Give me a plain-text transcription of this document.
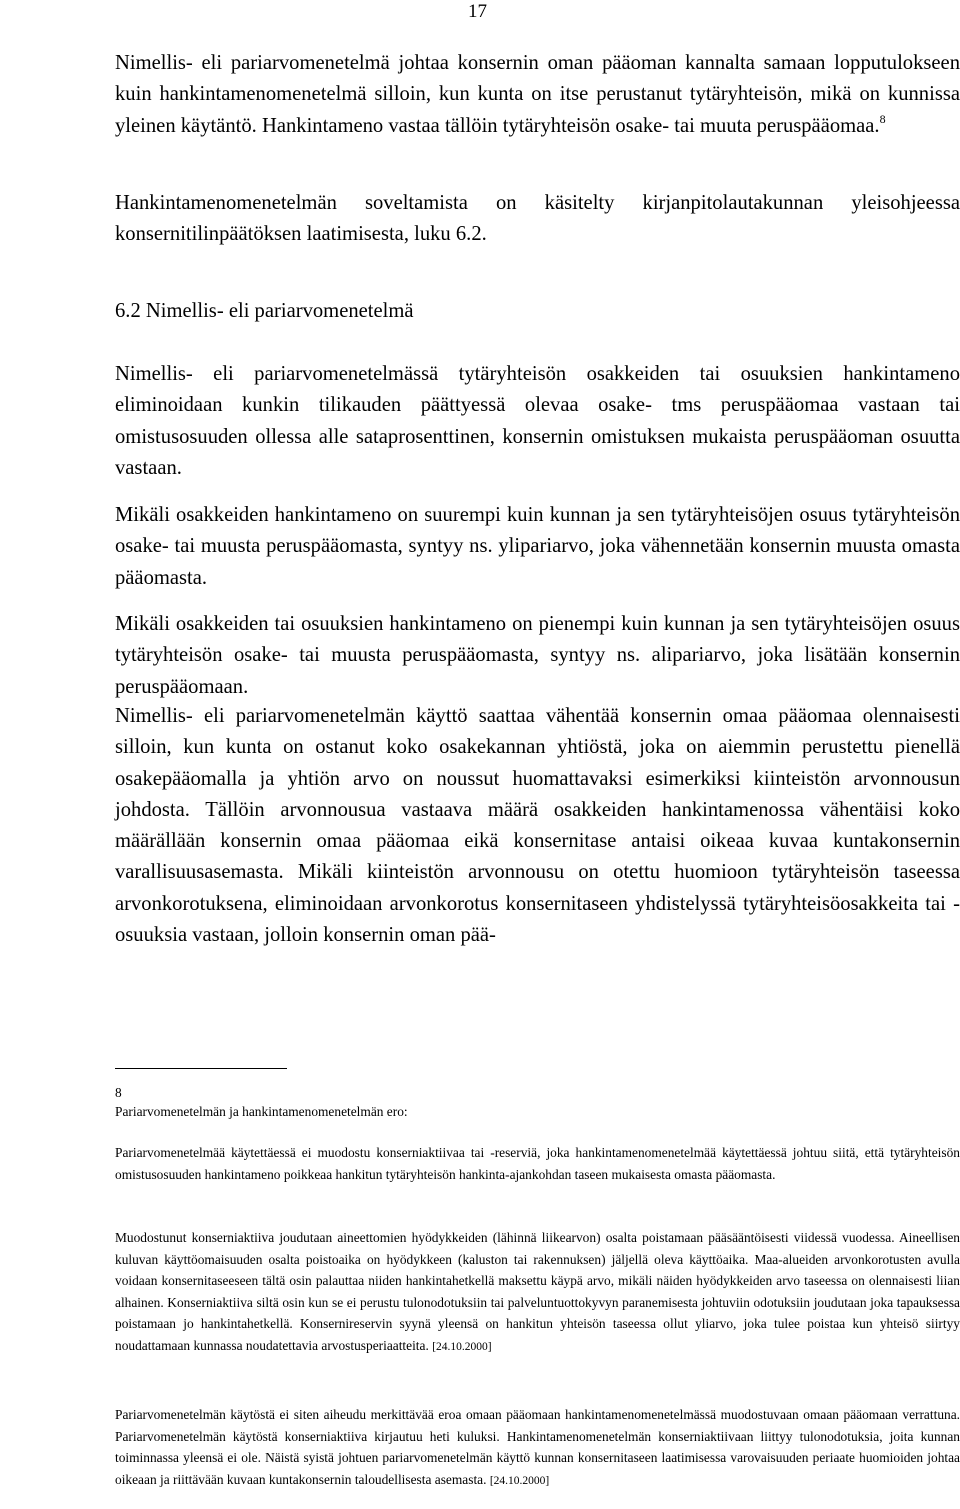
17

Nimellis- eli pariarvomenetelmä johtaa konsernin oman pääoman kannalta samaan lopputulokseen kuin hankintamenomenetelmä silloin, kun kunta on itse perustanut tytäryhteisön, mikä on kunnissa yleinen käytäntö. Hankintameno vastaa tällöin tytäryhteisön osake- tai muuta peruspääomaa.$^8$

Hankintamenomenetelmän soveltamista on käsitelty kirjanpitolautakunnan yleisohjeessa konsernitilinpäätöksen laatimisesta, luku 6.2.

6.2 Nimellis- eli pariarvomenetelmä

Nimellis- eli pariarvomenetelmässä tytäryhteisön osakkeiden tai osuuksien hankintameno eliminoidaan kunkin tilikauden päättyessä olevaa osake- tms peruspääomaa vastaan tai omistusosuuden ollessa alle sataprosenttinen, konsernin omistuksen mukaista peruspääoman osuutta vastaan.

Mikäli osakkeiden hankintameno on suurempi kuin kunnan ja sen tytäryhteisöjen osuus tytäryhteisön osake- tai muusta peruspääomasta, syntyy ns. ylipariarvo, joka vähennetään konsernin muusta omasta pääomasta.

Mikäli osakkeiden tai osuuksien hankintameno on pienempi kuin kunnan ja sen tytäryhteisöjen osuus tytäryhteisön osake- tai muusta peruspääomasta, syntyy ns. alipariarvo, joka lisätään konsernin peruspääomaan.

Nimellis- eli pariarvomenetelmän käyttö saattaa vähentää konsernin omaa pääomaa olennaisesti silloin, kun kunta on ostanut koko osakekannan yhtiöstä, joka on aiemmin perustettu pienellä osakepääomalla ja yhtiön arvo on noussut huomattavaksi esimerkiksi kiinteistön arvonnousun johdosta. Tällöin arvonnousua vastaava määrä osakkeiden hankintamenossa vähentäisi koko määrällään konsernin omaa pääomaa eikä konsernitase antaisi oikeaa kuvaa kuntakonsernin varallisuusasemasta. Mikäli kiinteistön arvonnousu on otettu huomioon tytäryhteisön taseessa arvonkorotuksena, eliminoidaan arvonkorotus konsernitaseen yhdistelyssä tytäryhteisöosakkeita tai -osuuksia vastaan, jolloin konsernin oman pää-

8
Pariarvomenetelmän ja hankintamenomenetelmän ero:

Pariarvomenetelmää käytettäessä ei muodostu konserniaktiivaa tai -reserviä, joka hankintamenomenetelmää käytettäessä johtuu siitä, että tytäryhteisön omistusosuuden hankintameno poikkeaa hankitun tytäryhteisön hankinta-ajankohdan taseen mukaisesta omasta pääomasta.

Muodostunut konserniaktiiva joudutaan aineettomien hyödykkeiden (lähinnä liikearvon) osalta poistamaan pääsääntöisesti viidessä vuodessa. Aineellisen kuluvan käyttöomaisuuden osalta poistoaika on hyödykkeen (kaluston tai rakennuksen) jäljellä oleva käyttöaika. Maa-alueiden arvonkorotusten avulla voidaan konsernitaseeseen tältä osin palauttaa niiden hankintahetkellä maksettu käypä arvo, mikäli näiden hyödykkeiden arvo taseessa on olennaisesti liian alhainen. Konserniaktiiva siltä osin kun se ei perustu tulonodotuksiin tai palveluntuottokyvyn paranemisesta johtuviin odotuksiin joudutaan joka tapauksessa poistamaan jo hankintahetkellä. Konsernireservin syynä yleensä on hankitun yhteisön taseessa ollut yliarvo, joka tulee poistaa kun yhteisö siirtyy noudattamaan kunnassa noudatettavia arvostusperiaatteita. [24.10.2000]

Pariarvomenetelmän käytöstä ei siten aiheudu merkittävää eroa omaan pääomaan hankintamenomenetelmässä muodostuvaan omaan pääomaan verrattuna. Pariarvomenetelmän käytöstä konserniaktiiva kirjautuu heti kuluksi. Hankintamenomenetelmän konserniaktiivaan liittyy tulonodotuksia, joita kunnan toiminnassa yleensä ei ole. Näistä syistä johtuen pariarvomenetelmän käyttö kunnan konsernitaseen laatimisessa varovaisuuden periaate huomioiden johtaa oikeaan ja riittävään kuvaan kuntakonsernin taloudellisesta asemasta. [24.10.2000]
